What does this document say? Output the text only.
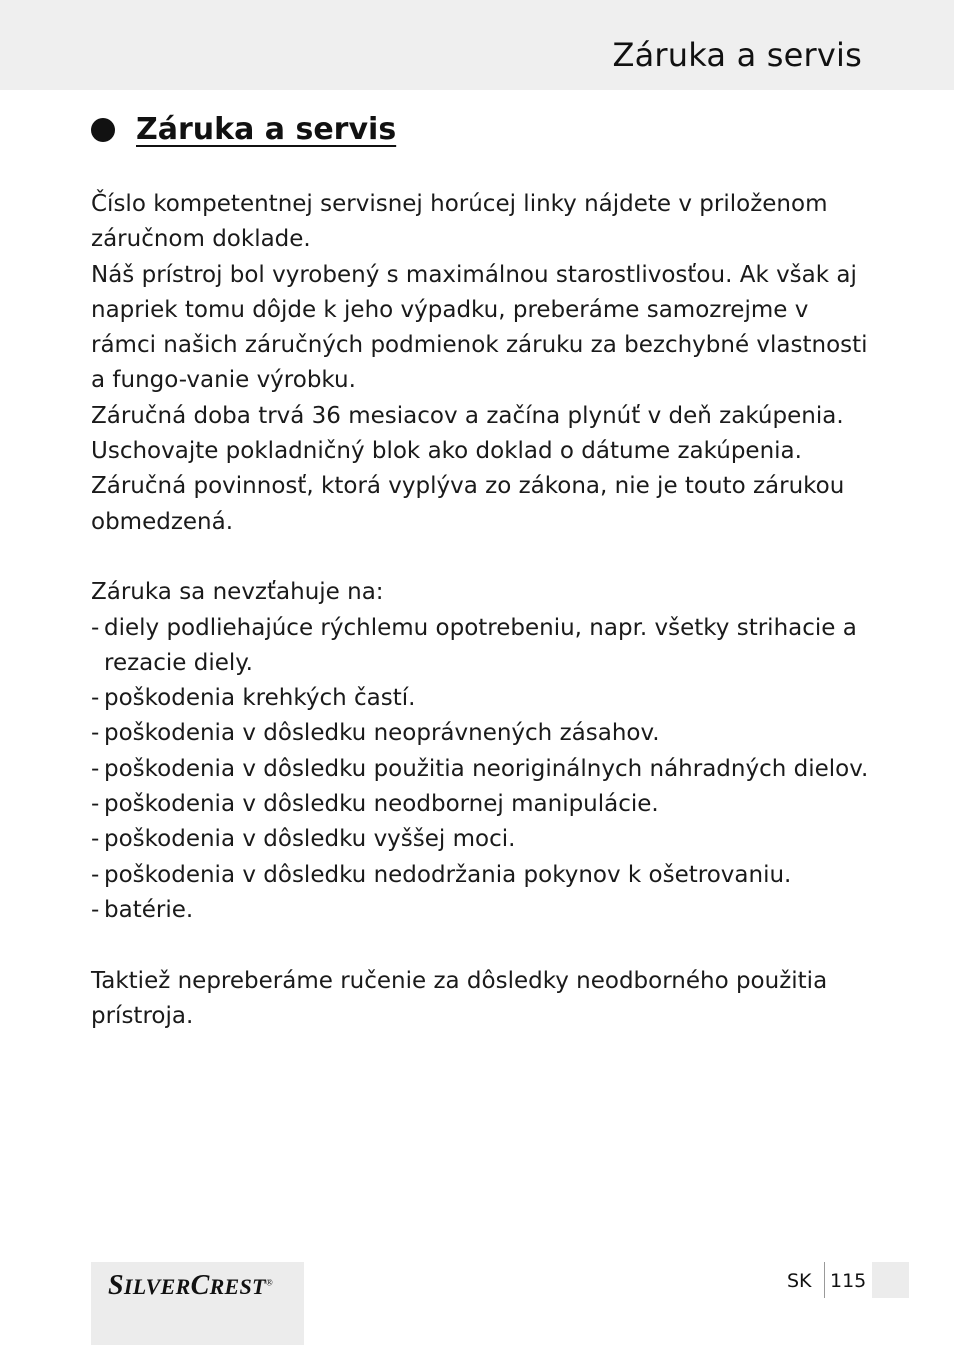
Záruka a servis
Záruka a servis

Číslo kompetentnej servisnej horúcej linky nájdete v priloženom záručnom doklade.

Náš prístroj bol vyrobený s maximálnou starostlivosťou. Ak však aj napriek tomu dôjde k jeho výpadku, preberáme samozrejme v rámci našich záručných podmienok záruku za bezchybné vlastnosti a fungo-vanie výrobku.

Záručná doba trvá 36 mesiacov a začína plynúť v deň zakúpenia. Uschovajte pokladničný blok ako doklad o dátume zakúpenia. Záručná povinnosť, ktorá vyplýva zo zákona, nie je touto zárukou obmedzená.

Záruka sa nevzťahuje na:

- diely podliehajúce rýchlemu opotrebeniu, napr. všetky strihacie a rezacie diely.
- poškodenia krehkých častí.
- poškodenia v dôsledku neoprávnených zásahov.
- poškodenia v dôsledku použitia neoriginálnych náhradných dielov.
- poškodenia v dôsledku neodbornej manipulácie.
- poškodenia v dôsledku vyššej moci.
- poškodenia v dôsledku nedodržania pokynov k ošetrovaniu.
- batérie.

Taktiež nepreberáme ručenie za dôsledky neodborného použitia prístroja.

SILVERCREST®	SK 115
